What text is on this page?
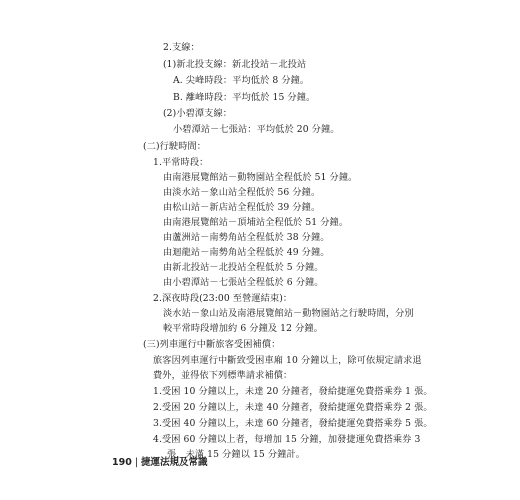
2.支線：
(1)新北投支線：新北投站－北投站
A. 尖峰時段：平均低於 8 分鐘。
B. 離峰時段：平均低於 15 分鐘。
(2)小碧潭支線：
小碧潭站－七張站：平均低於 20 分鐘。
(二)行駛時間：
1.平常時段：
由南港展覽館站－動物園站全程低於 51 分鐘。
由淡水站－象山站全程低於 56 分鐘。
由松山站－新店站全程低於 39 分鐘。
由南港展覽館站－頂埔站全程低於 51 分鐘。
由蘆洲站－南勢角站全程低於 38 分鐘。
由迴龍站－南勢角站全程低於 49 分鐘。
由新北投站－北投站全程低於 5 分鐘。
由小碧潭站－七張站全程低於 6 分鐘。
2.深夜時段(23:00 至營運結束)：
淡水站－象山站及南港展覽館站－動物園站之行駛時間，分別
較平常時段增加約 6 分鐘及 12 分鐘。
(三)列車運行中斷旅客受困補償：
旅客因列車運行中斷致受困車廂 10 分鐘以上，除可依規定請求退
費外，並得依下列標準請求補償：
1.受困 10 分鐘以上，未達 20 分鐘者，發給捷運免費搭乘券 1 張。
2.受困 20 分鐘以上，未達 40 分鐘者，發給捷運免費搭乘券 2 張。
3.受困 40 分鐘以上，未達 60 分鐘者，發給捷運免費搭乘券 5 張。
4.受困 60 分鐘以上者，每增加 15 分鐘，加發捷運免費搭乘券 3
張，未滿 15 分鐘以 15 分鐘計。
190 | 捷運法規及常識
